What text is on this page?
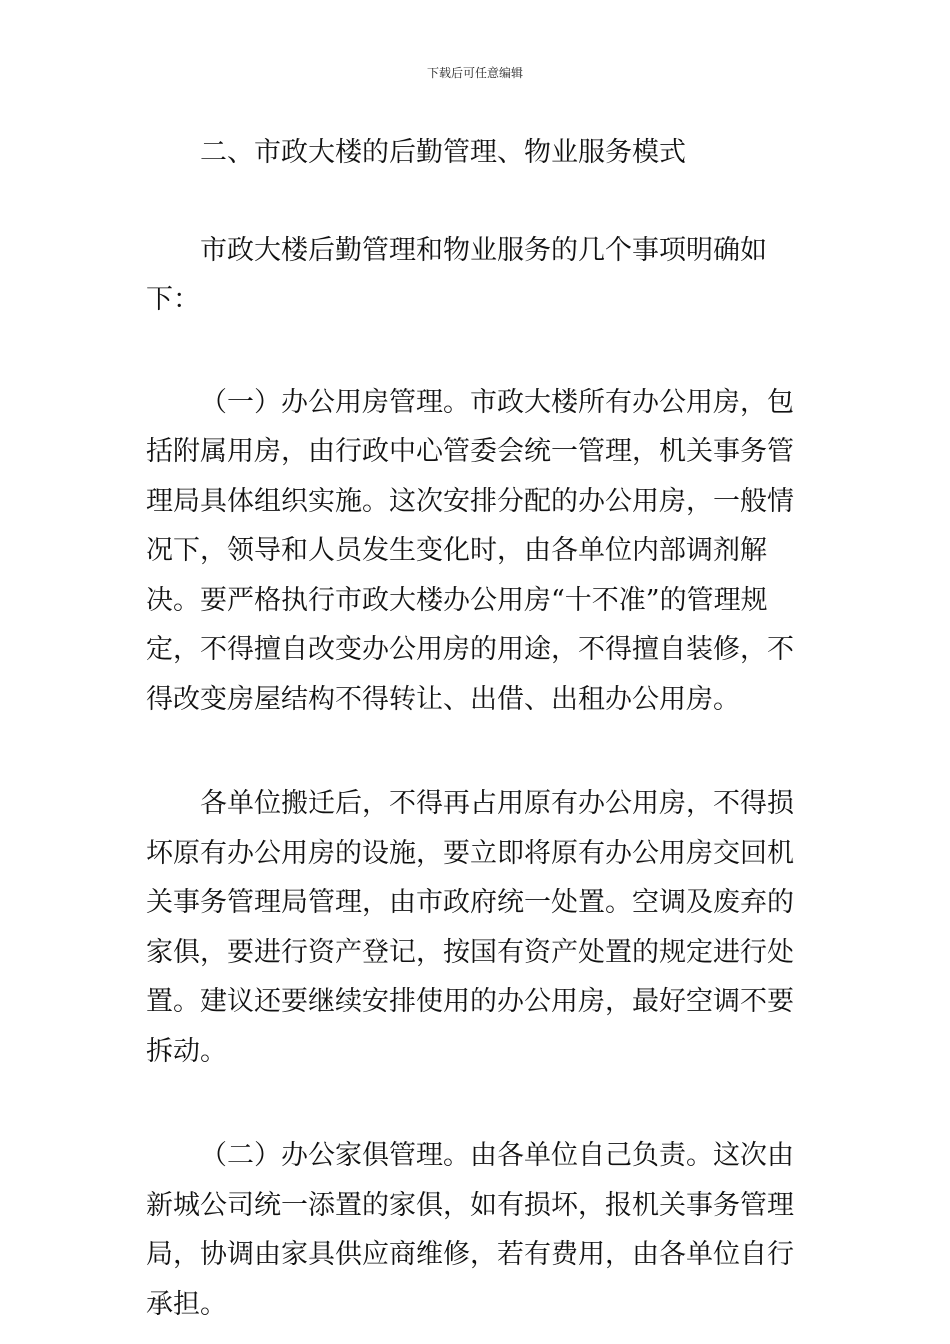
下载后可任意编辑

二、市政大楼的后勤管理、物业服务模式

市政大楼后勤管理和物业服务的几个事项明确如下：

（一）办公用房管理。市政大楼所有办公用房，包括附属用房，由行政中心管委会统一管理，机关事务管理局具体组织实施。这次安排分配的办公用房，一般情况下，领导和人员发生变化时，由各单位内部调剂解决。要严格执行市政大楼办公用房“十不准”的管理规定，不得擅自改变办公用房的用途，不得擅自装修，不得改变房屋结构不得转让、出借、出租办公用房。

各单位搬迁后，不得再占用原有办公用房，不得损坏原有办公用房的设施，要立即将原有办公用房交回机关事务管理局管理，由市政府统一处置。空调及废弃的家俱，要进行资产登记，按国有资产处置的规定进行处置。建议还要继续安排使用的办公用房，最好空调不要拆动。

（二）办公家俱管理。由各单位自己负责。这次由新城公司统一添置的家俱，如有损坏，报机关事务管理局，协调由家具供应商维修，若有费用，由各单位自行承担。
